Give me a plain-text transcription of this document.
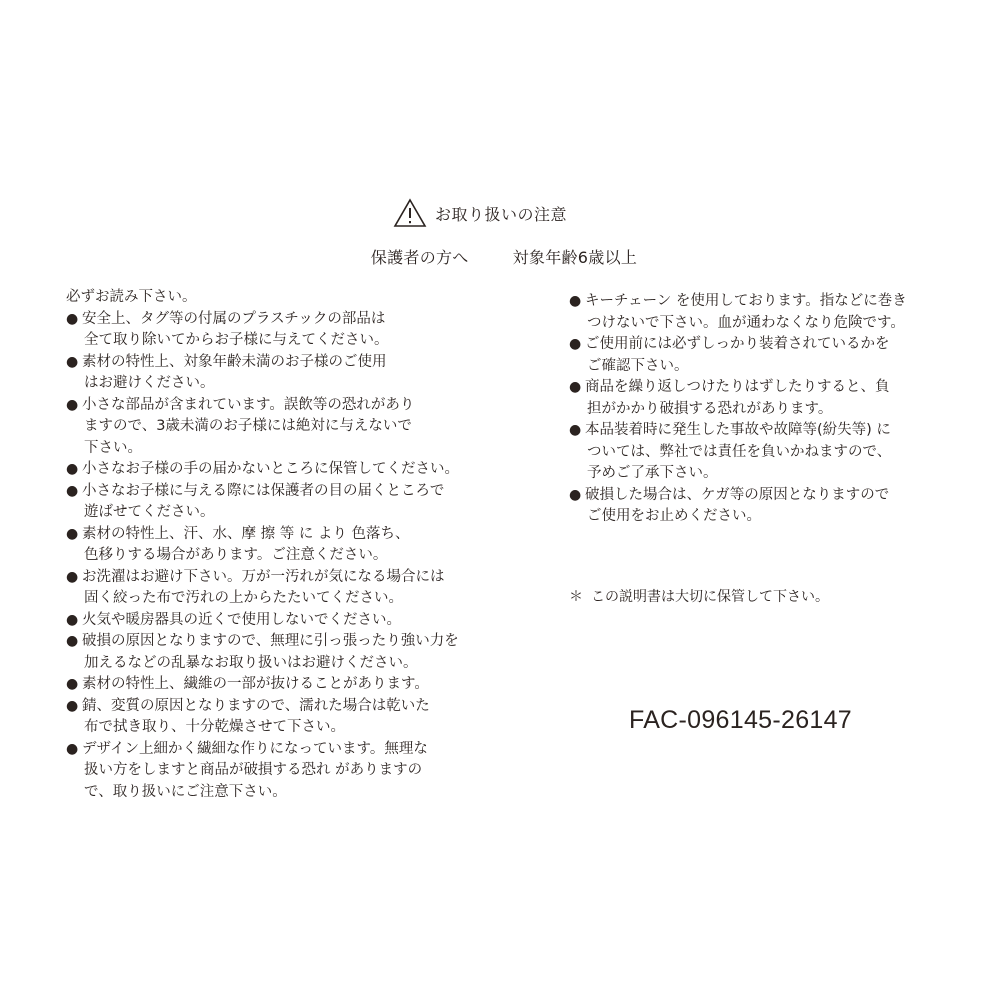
お取り扱いの注意
保護者の方へ	対象年齢6歳以上
必ずお読み下さい。
● 安全上、タグ等の付属のプラスチックの部品は
全て取り除いてからお子様に与えてください。
● 素材の特性上、対象年齢未満のお子様のご使用
はお避けください。
● 小さな部品が含まれています。誤飲等の恐れがあり
ますので、3歳未満のお子様には絶対に与えないで
下さい。
● 小さなお子様の手の届かないところに保管してください。
● 小さなお子様に与える際には保護者の目の届くところで
遊ばせてください。
● 素材の特性上、汗、水、摩 擦 等 に より 色落ち、
色移りする場合があります。ご注意ください。
● お洗濯はお避け下さい。万が一汚れが気になる場合には
固く絞った布で汚れの上からたたいてください。
● 火気や暖房器具の近くで使用しないでください。
● 破損の原因となりますので、無理に引っ張ったり強い力を
加えるなどの乱暴なお取り扱いはお避けください。
● 素材の特性上、繊維の一部が抜けることがあります。
● 錆、変質の原因となりますので、濡れた場合は乾いた
布で拭き取り、十分乾燥させて下さい。
● デザイン上細かく繊細な作りになっています。無理な
扱い方をしますと商品が破損する恐れ がありますの
で、取り扱いにご注意下さい。
● キーチェーン を使用しております。指などに巻き
つけないで下さい。血が通わなくなり危険です。
● ご使用前には必ずしっかり装着されているかを
ご確認下さい。
● 商品を繰り返しつけたりはずしたりすると、負
担がかかり破損する恐れがあります。
● 本品装着時に発生した事故や故障等(紛失等) に
ついては、弊社では責任を負いかねますので、
予めご了承下さい。
● 破損した場合は、ケガ等の原因となりますので
ご使用をお止めください。
＊ この説明書は大切に保管して下さい。
FAC-096145-26147
